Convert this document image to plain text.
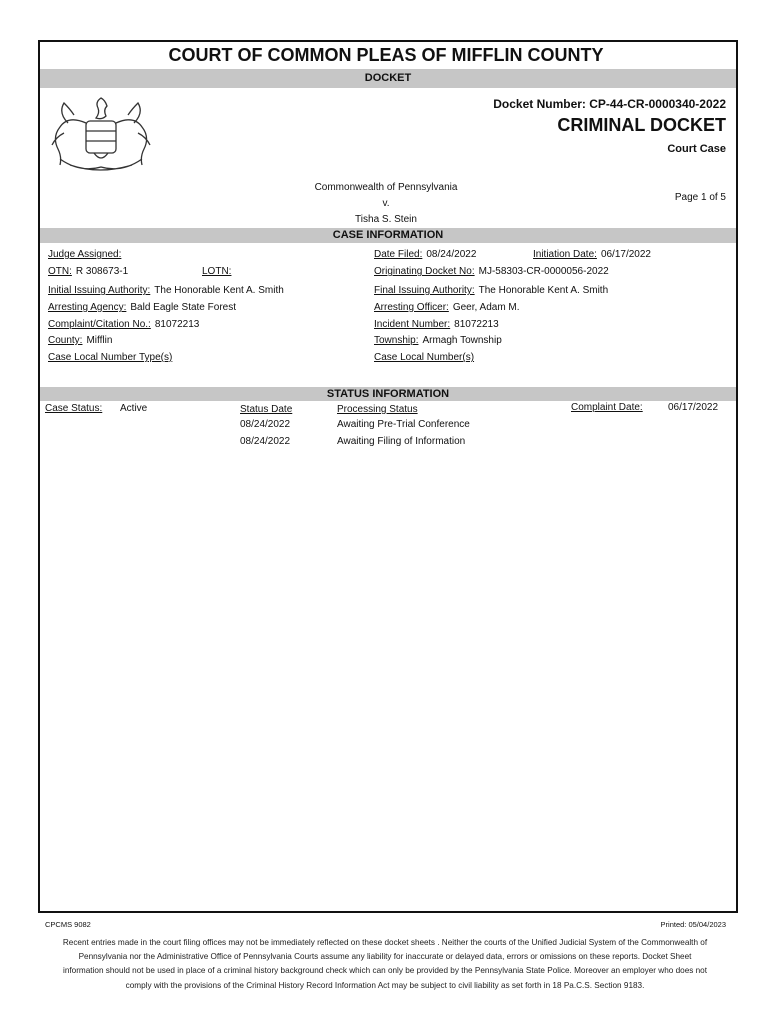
COURT OF COMMON PLEAS OF MIFFLIN COUNTY
DOCKET
Docket Number: CP-44-CR-0000340-2022
CRIMINAL DOCKET
Court Case
Commonwealth of Pennsylvania
v.
Tisha S. Stein
Page 1 of 5
CASE INFORMATION
Judge Assigned:	Date Filed: 08/24/2022	Initiation Date: 06/17/2022
OTN: R 308673-1	LOTN:	Originating Docket No: MJ-58303-CR-0000056-2022
Initial Issuing Authority: The Honorable Kent A. Smith	Final Issuing Authority: The Honorable Kent A. Smith
Arresting Agency: Bald Eagle State Forest	Arresting Officer: Geer, Adam M.
Complaint/Citation No.: 81072213	Incident Number: 81072213
County: Mifflin	Township: Armagh Township
Case Local Number Type(s)	Case Local Number(s)
STATUS INFORMATION
Case Status: Active	Status Date	Processing Status	Complaint Date:	06/17/2022
08/24/2022	Awaiting Pre-Trial Conference
08/24/2022	Awaiting Filing of Information
CPCMS 9082	Printed: 05/04/2023
Recent entries made in the court filing offices may not be immediately reflected on these docket sheets . Neither the courts of the Unified Judicial System of the Commonwealth of Pennsylvania nor the Administrative Office of Pennsylvania Courts assume any liability for inaccurate or delayed data, errors or omissions on these reports. Docket Sheet information should not be used in place of a criminal history background check which can only be provided by the Pennsylvania State Police. Moreover an employer who does not comply with the provisions of the Criminal History Record Information Act may be subject to civil liability as set forth in 18 Pa.C.S. Section 9183.
